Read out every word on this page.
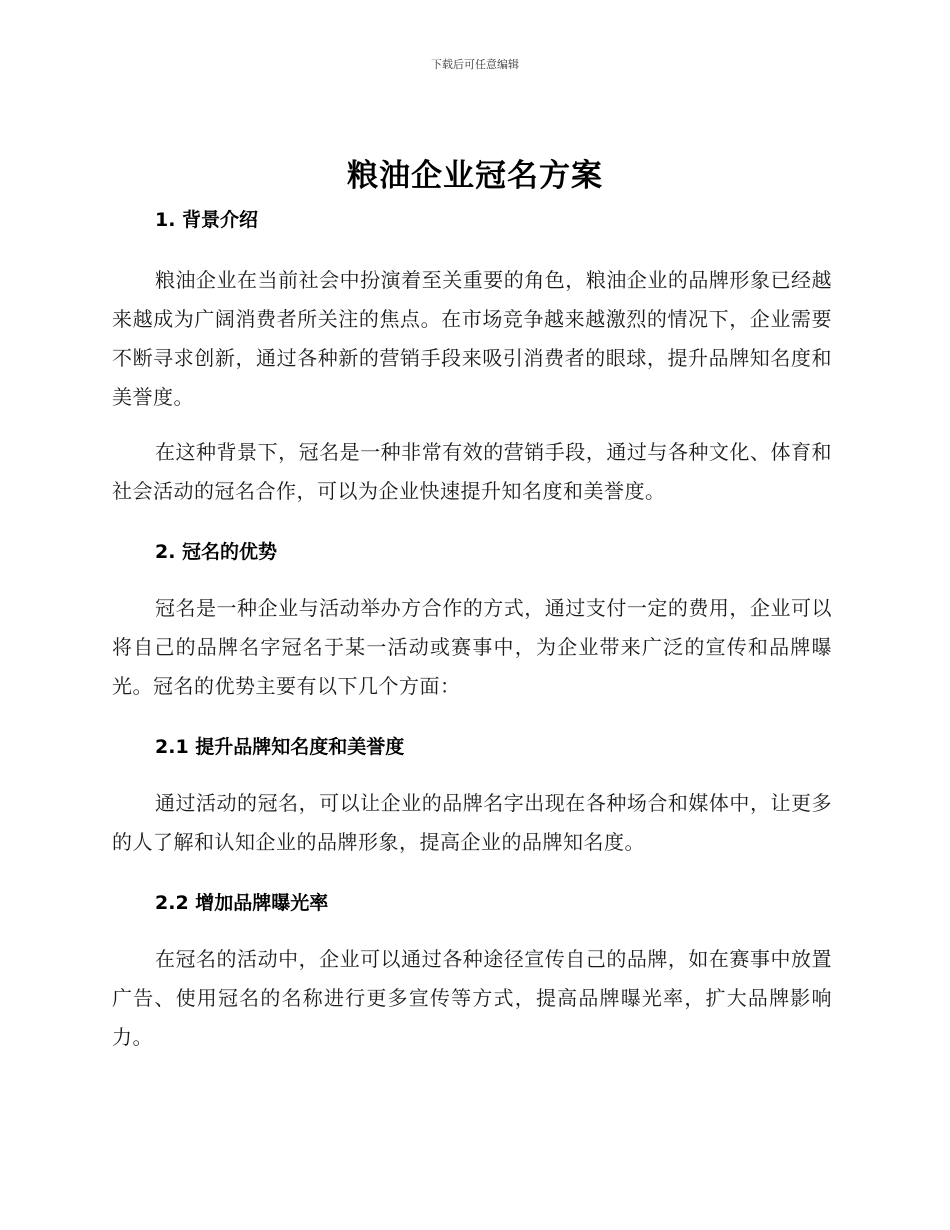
下载后可任意编辑
粮油企业冠名方案
1. 背景介绍

粮油企业在当前社会中扮演着至关重要的角色，粮油企业的品牌形象已经越来越成为广阔消费者所关注的焦点。在市场竞争越来越激烈的情况下，企业需要不断寻求创新，通过各种新的营销手段来吸引消费者的眼球，提升品牌知名度和美誉度。

在这种背景下，冠名是一种非常有效的营销手段，通过与各种文化、体育和社会活动的冠名合作，可以为企业快速提升知名度和美誉度。

2. 冠名的优势

冠名是一种企业与活动举办方合作的方式，通过支付一定的费用，企业可以将自己的品牌名字冠名于某一活动或赛事中，为企业带来广泛的宣传和品牌曝光。冠名的优势主要有以下几个方面：

2.1 提升品牌知名度和美誉度

通过活动的冠名，可以让企业的品牌名字出现在各种场合和媒体中，让更多的人了解和认知企业的品牌形象，提高企业的品牌知名度。

2.2 增加品牌曝光率

在冠名的活动中，企业可以通过各种途径宣传自己的品牌，如在赛事中放置广告、使用冠名的名称进行更多宣传等方式，提高品牌曝光率，扩大品牌影响力。
